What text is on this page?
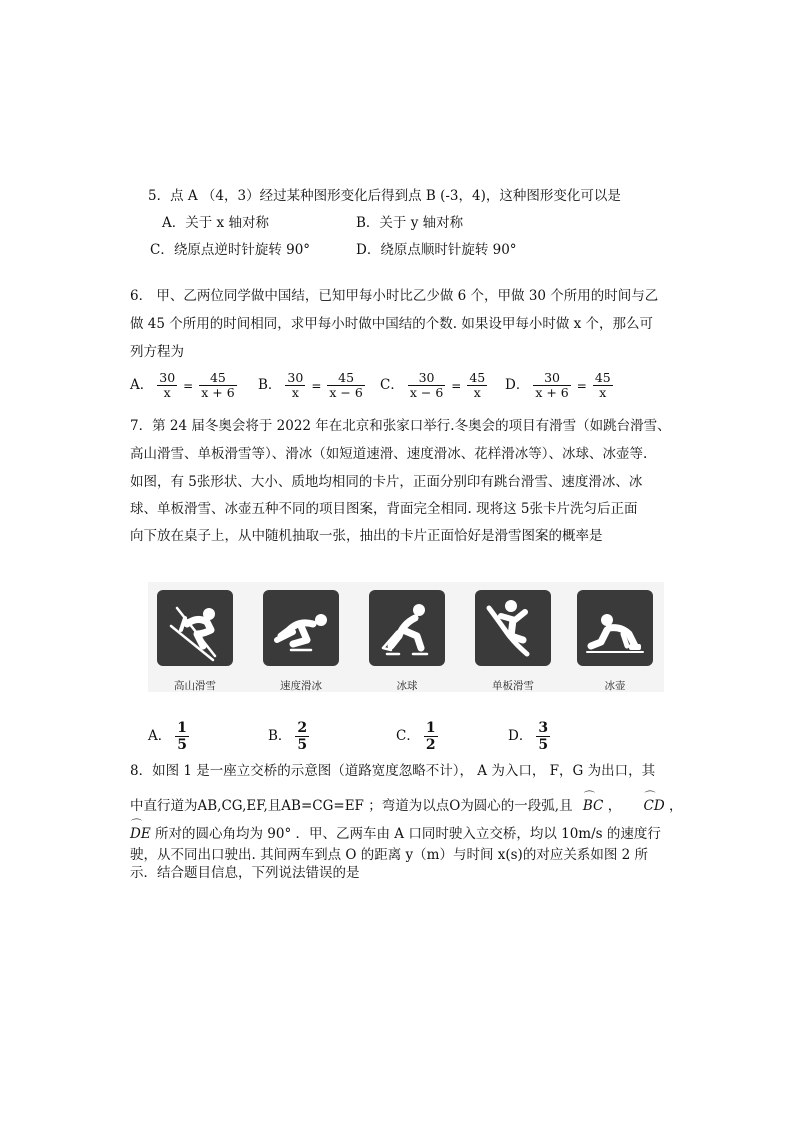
5．点 A （4，3）经过某种图形变化后得到点 B (-3，4)，这种图形变化可以是
A．关于 x 轴对称	B．关于 y 轴对称
C．绕原点逆时针旋转 90°	D．绕原点顺时针旋转 90°
6． 甲、乙两位同学做中国结，已知甲每小时比乙少做 6 个，甲做 30 个所用的时间与乙
做 45 个所用的时间相同，求甲每小时做中国结的个数. 如果设甲每小时做 x 个，那么可
列方程为
A． $\frac{30}{x} = \frac{45}{x + 6}$ B． $\frac{30}{x} = \frac{45}{x - 6}$ C． $\frac{30}{x - 6} = \frac{45}{x}$ D． $\frac{30}{x + 6} = \frac{45}{x}$
7．第 24 届冬奥会将于 2022 年在北京和张家口举行.冬奥会的项目有滑雪（如跳台滑雪、
高山滑雪、单板滑雪等）、滑冰（如短道速滑、速度滑冰、花样滑冰等）、冰球、冰壶等.
如图，有 5张形状、大小、质地均相同的卡片，正面分别印有跳台滑雪、速度滑冰、冰
球、单板滑雪、冰壶五种不同的项目图案，背面完全相同. 现将这 5张卡片洗匀后正面
向下放在桌子上，从中随机抽取一张，抽出的卡片正面恰好是滑雪图案的概率是
高山滑雪	速度滑冰	冰球	单板滑雪	冰壶
A． $\frac{1}{5}$	B． $\frac{2}{5}$	C． $\frac{1}{2}$	D． $\frac{3}{5}$
8．如图 1 是一座立交桥的示意图（道路宽度忽略不计）， A 为入口， F，G 为出口，其
中直行道为AB,CG,EF,且AB=CG=EF ；弯道为以点O为圆心的一段弧,且 ⌒ BC ， ⌒ CD ，
⌒ DE 所对的圆心角均为 90° ．甲、乙两车由 A 口同时驶入立交桥，均以 10m/s 的速度行
驶，从不同出口驶出. 其间两车到点 O 的距离 y（m）与时间 x(s)的对应关系如图 2 所
示．结合题目信息，下列说法错误的是
